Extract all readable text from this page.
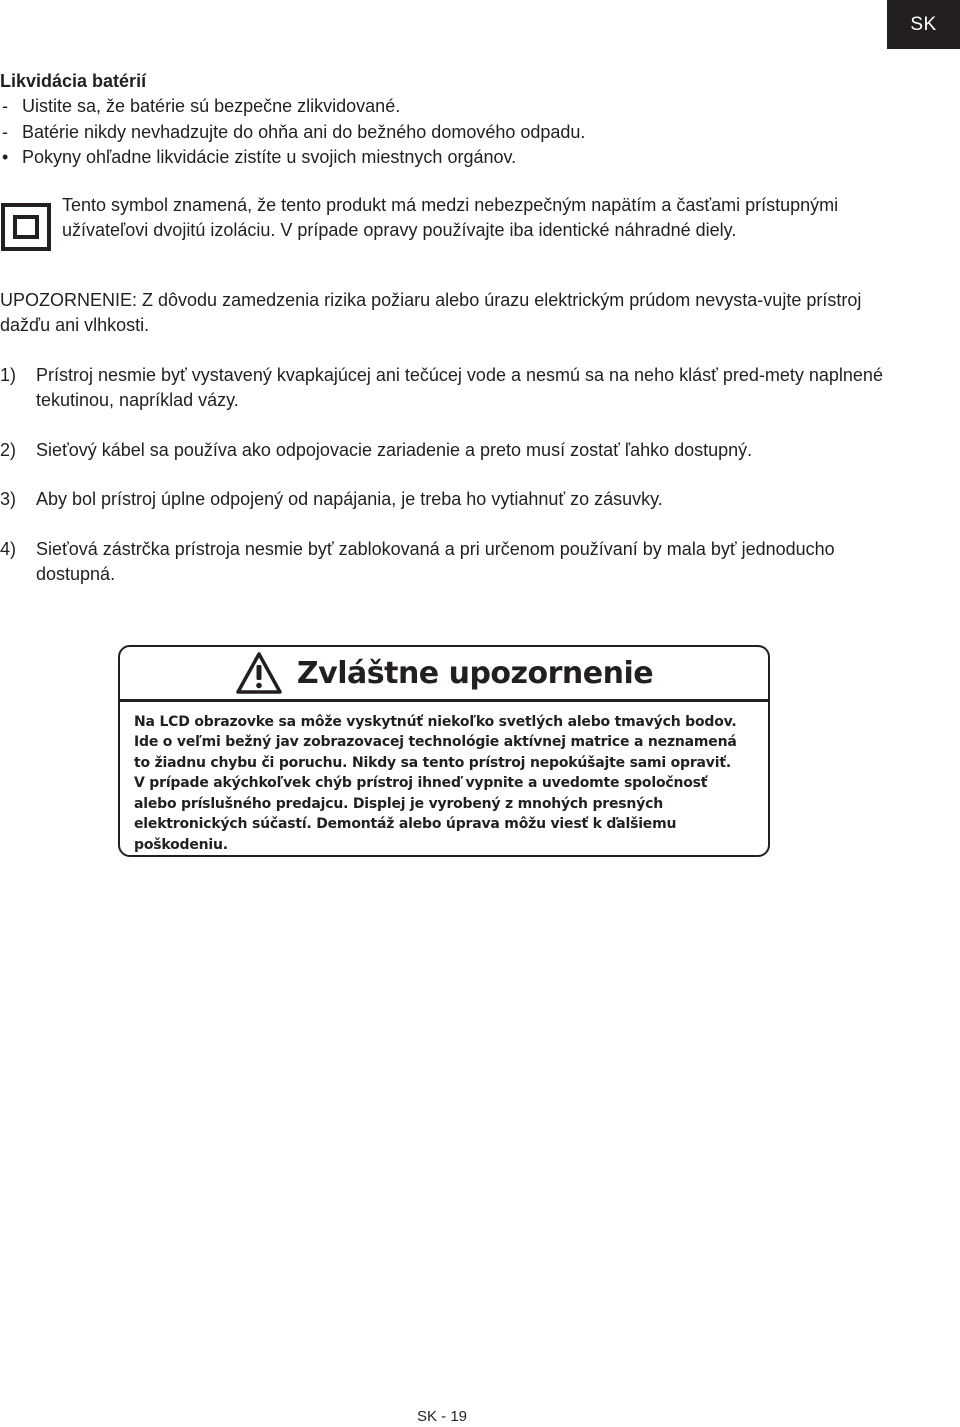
SK
Likvidácia batérií
- Uistite sa, že batérie sú bezpečne zlikvidované.
- Batérie nikdy nevhadzujte do ohňa ani do bežného domového odpadu.
• Pokyny ohľadne likvidácie zistíte u svojich miestnych orgánov.
Tento symbol znamená, že tento produkt má medzi nebezpečným napätím a časťami prístupnými užívateľovi dvojitú izoláciu. V prípade opravy používajte iba identické náhradné diely.
UPOZORNENIE: Z dôvodu zamedzenia rizika požiaru alebo úrazu elektrickým prúdom nevysta-vujte prístroj dažďu ani vlhkosti.
1) Prístroj nesmie byť vystavený kvapkajúcej ani tečúcej vode a nesmú sa na neho klásť pred-mety naplnené tekutinou, napríklad vázy.
2) Sieťový kábel sa používa ako odpojovacie zariadenie a preto musí zostať ľahko dostupný.
3) Aby bol prístroj úplne odpojený od napájania, je treba ho vytiahnuť zo zásuvky.
4) Sieťová zástrčka prístroja nesmie byť zablokovaná a pri určenom používaní by mala byť jednoducho dostupná.
Zvláštne upozornenie
Na LCD obrazovke sa môže vyskytnúť niekoľko svetlých alebo tmavých bodov.
Ide o veľmi bežný jav zobrazovacej technológie aktívnej matrice a neznamená
to žiadnu chybu či poruchu. Nikdy sa tento prístroj nepokúšajte sami opraviť.
V prípade akýchkoľvek chýb prístroj ihneď vypnite a uvedomte spoločnosť
alebo príslušného predajcu. Displej je vyrobený z mnohých presných
elektronických súčastí. Demontáž alebo úprava môžu viesť k ďalšiemu
poškodeniu.
SK - 19
